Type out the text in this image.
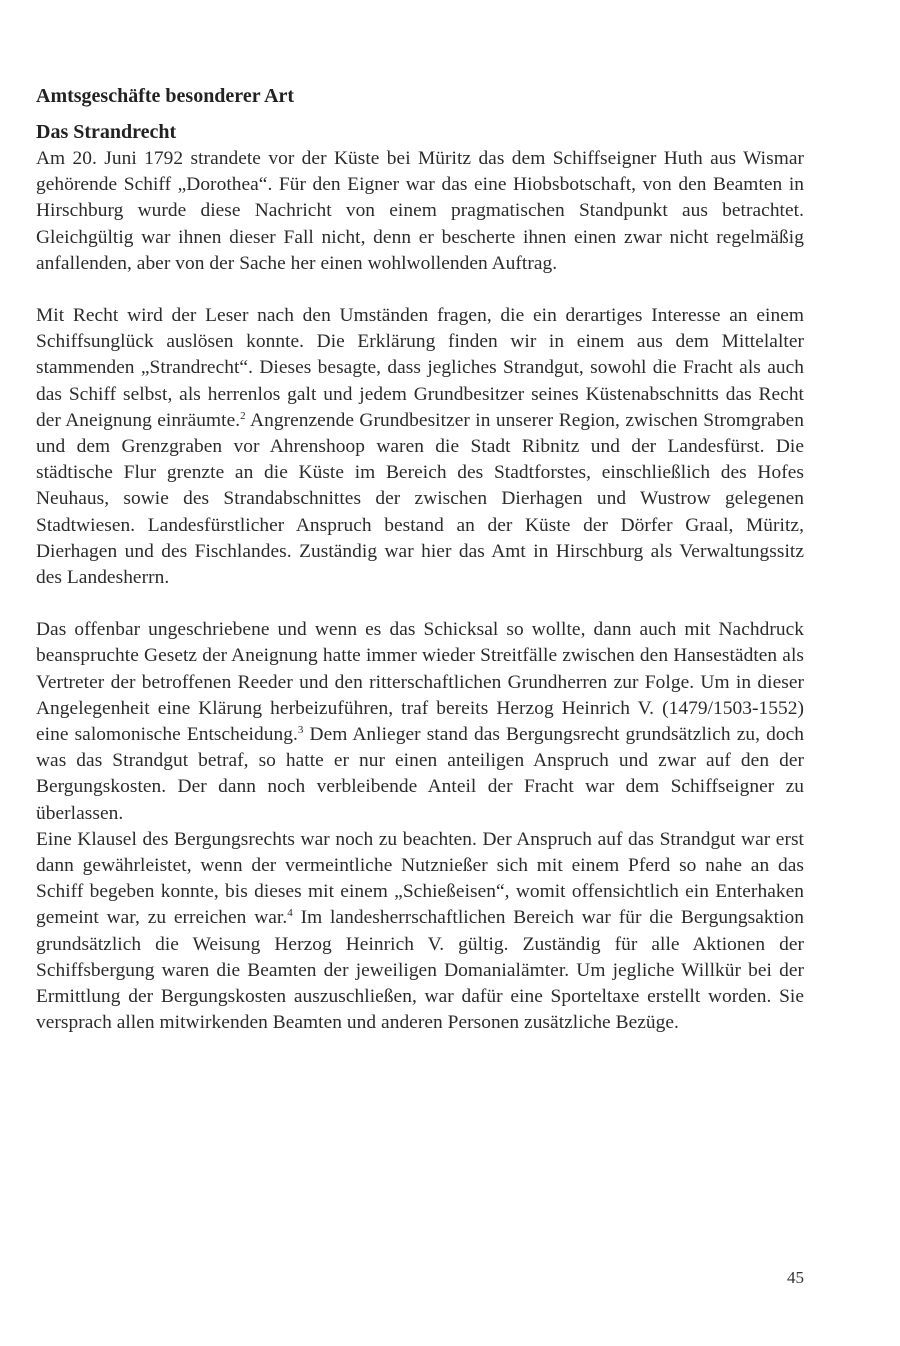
Amtsgeschäfte besonderer Art
Das Strandrecht

Am 20. Juni 1792 strandete vor der Küste bei Müritz das dem Schiffseigner Huth aus Wismar gehörende Schiff „Dorothea“. Für den Eigner war das eine Hiobsbotschaft, von den Beamten in Hirschburg wurde diese Nachricht von einem pragmatischen Standpunkt aus betrachtet. Gleichgültig war ihnen dieser Fall nicht, denn er bescherte ihnen einen zwar nicht regelmäßig anfallenden, aber von der Sache her einen wohlwollenden Auftrag.

Mit Recht wird der Leser nach den Umständen fragen, die ein derartiges Interesse an einem Schiffsunglück auslösen konnte. Die Erklärung finden wir in einem aus dem Mittelalter stammenden „Strandrecht“. Dieses besagte, dass jegliches Strandgut, sowohl die Fracht als auch das Schiff selbst, als herrenlos galt und jedem Grundbesitzer seines Küstenabschnitts das Recht der Aneignung einräumte.$^2$ Angrenzende Grundbesitzer in unserer Region, zwischen Stromgraben und dem Grenzgraben vor Ahrenshoop waren die Stadt Ribnitz und der Landesfürst. Die städtische Flur grenzte an die Küste im Bereich des Stadtforstes, einschließlich des Hofes Neuhaus, sowie des Strandabschnittes der zwischen Dierhagen und Wustrow gelegenen Stadtwiesen. Landesfürstlicher Anspruch bestand an der Küste der Dörfer Graal, Müritz, Dierhagen und des Fischlandes. Zuständig war hier das Amt in Hirschburg als Verwaltungssitz des Landesherrn.

Das offenbar ungeschriebene und wenn es das Schicksal so wollte, dann auch mit Nachdruck beanspruchte Gesetz der Aneignung hatte immer wieder Streitfälle zwischen den Hansestädten als Vertreter der betroffenen Reeder und den ritterschaftlichen Grundherren zur Folge. Um in dieser Angelegenheit eine Klärung herbeizuführen, traf bereits Herzog Heinrich V. (1479/1503-1552) eine salomonische Entscheidung.$^3$ Dem Anlieger stand das Bergungsrecht grundsätzlich zu, doch was das Strandgut betraf, so hatte er nur einen anteiligen Anspruch und zwar auf den der Bergungskosten. Der dann noch verbleibende Anteil der Fracht war dem Schiffseigner zu überlassen.

Eine Klausel des Bergungsrechts war noch zu beachten. Der Anspruch auf das Strandgut war erst dann gewährleistet, wenn der vermeintliche Nutznießer sich mit einem Pferd so nahe an das Schiff begeben konnte, bis dieses mit einem „Schießeisen“, womit offensichtlich ein Enterhaken gemeint war, zu erreichen war.$^4$ Im landesherrschaftlichen Bereich war für die Bergungsaktion grundsätzlich die Weisung Herzog Heinrich V. gültig. Zuständig für alle Aktionen der Schiffsbergung waren die Beamten der jeweiligen Domanialämter. Um jegliche Willkür bei der Ermittlung der Bergungskosten auszuschließen, war dafür eine Sporteltaxe erstellt worden. Sie versprach allen mitwirkenden Beamten und anderen Personen zusätzliche Bezüge.

45
